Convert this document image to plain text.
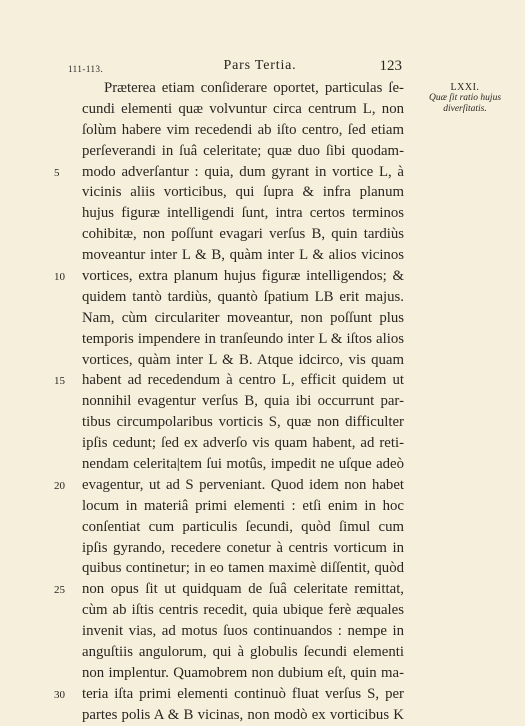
111-113.	Pars Tertia.	123
LXXI.
Quæ ſit ratio hujus
diverſitatis.
Præterea etiam conſiderare oportet, particulas ſe-
cundi elementi quæ volvuntur circa centrum L, non
ſolùm habere vim recedendi ab iſto centro, ſed etiam
perſeverandi in ſuâ celeritate; quæ duo ſibi quodam-
5	modo adverſantur : quia, dum gyrant in vortice L, à
vicinis aliis vorticibus, qui ſupra & infra planum
hujus figuræ intelligendi ſunt, intra certos terminos
cohibitæ, non poſſunt evagari verſus B, quin tardiùs
moveantur inter L & B, quàm inter L & alios vicinos
10	vortices, extra planum hujus figuræ intelligendos; &
quidem tantò tardiùs, quantò ſpatium LB erit majus.
Nam, cùm circulariter moveantur, non poſſunt plus
temporis impendere in tranſeundo inter L & iſtos alios
vortices, quàm inter L & B. Atque idcirco, vis quam
15	habent ad recedendum à centro L, efficit quidem ut
nonnihil evagentur verſus B, quia ibi occurrunt par-
tibus circumpolaribus vorticis S, quæ non difficulter
ipſis cedunt; ſed ex adverſo vis quam habent, ad reti-
nendam celerita|tem ſui motûs, impedit ne uſque adeò
20	evagentur, ut ad S perveniant. Quod idem non habet
locum in materiâ primi elementi : etſi enim in hoc
conſentiat cum particulis ſecundi, quòd ſimul cum
ipſis gyrando, recedere conetur à centris vorticum in
quibus continetur; in eo tamen maximè diſſentit, quòd
25	non opus ſit ut quidquam de ſuâ celeritate remittat,
cùm ab iſtis centris recedit, quia ubique ferè æquales
invenit vias, ad motus ſuos continuandos : nempe in
anguſtiis angulorum, qui à globulis ſecundi elementi
non implentur. Quamobrem non dubium eſt, quin ma-
30	teria iſta primi elementi continuò fluat verſus S, per
partes polis A & B vicinas, non modò ex vorticibus K
